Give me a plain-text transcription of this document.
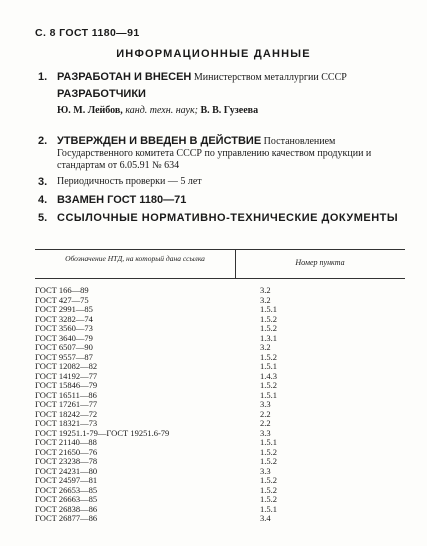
С. 8 ГОСТ 1180—91
ИНФОРМАЦИОННЫЕ ДАННЫЕ
1. РАЗРАБОТАН И ВНЕСЕН Министерством металлургии СССР
РАЗРАБОТЧИКИ
Ю. М. Лейбов, канд. техн. наук; В. В. Гузеева
2. УТВЕРЖДЕН И ВВЕДЕН В ДЕЙСТВИЕ Постановлением Государственного комитета СССР по управлению качеством продукции и стандартам от 6.05.91 № 634
3. Периодичность проверки — 5 лет
4. ВЗАМЕН ГОСТ 1180—71
5. ССЫЛОЧНЫЕ НОРМАТИВНО-ТЕХНИЧЕСКИЕ ДОКУМЕНТЫ
Обозначение НТД, на который дана ссылка	Номер пункта
ГОСТ 166—89	3.2
ГОСТ 427—75	3.2
ГОСТ 2991—85	1.5.1
ГОСТ 3282—74	1.5.2
ГОСТ 3560—73	1.5.2
ГОСТ 3640—79	1.3.1
ГОСТ 6507—90	3.2
ГОСТ 9557—87	1.5.2
ГОСТ 12082—82	1.5.1
ГОСТ 14192—77	1.4.3
ГОСТ 15846—79	1.5.2
ГОСТ 16511—86	1.5.1
ГОСТ 17261—77	3.3
ГОСТ 18242—72	2.2
ГОСТ 18321—73	2.2
ГОСТ 19251.1-79—ГОСТ 19251.6-79	3.3
ГОСТ 21140—88	1.5.1
ГОСТ 21650—76	1.5.2
ГОСТ 23238—78	1.5.2
ГОСТ 24231—80	3.3
ГОСТ 24597—81	1.5.2
ГОСТ 26653—85	1.5.2
ГОСТ 26663—85	1.5.2
ГОСТ 26838—86	1.5.1
ГОСТ 26877—86	3.4
